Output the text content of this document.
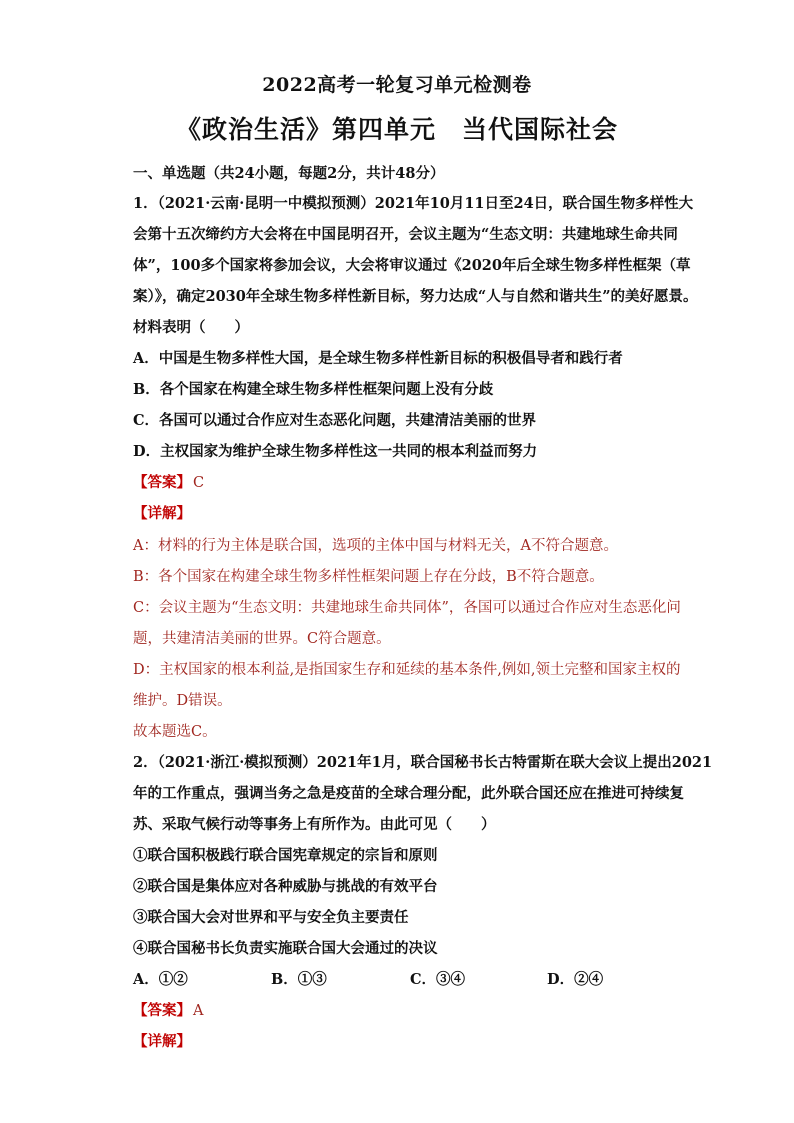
2022高考一轮复习单元检测卷
《政治生活》第四单元　当代国际社会
一、单选题（共24小题，每题2分，共计48分）
1．（2021·云南·昆明一中模拟预测）2021年10月11日至24日，联合国生物多样性大
会第十五次缔约方大会将在中国昆明召开，会议主题为“生态文明：共建地球生命共同
体”，100多个国家将参加会议，大会将审议通过《2020年后全球生物多样性框架（草
案）》，确定2030年全球生物多样性新目标，努力达成“人与自然和谐共生”的美好愿景。
材料表明（　　）
A．中国是生物多样性大国，是全球生物多样性新目标的积极倡导者和践行者
B．各个国家在构建全球生物多样性框架问题上没有分歧
C．各国可以通过合作应对生态恶化问题，共建清洁美丽的世界
D．主权国家为维护全球生物多样性这一共同的根本利益而努力
【答案】 C
【详解】
A：材料的行为主体是联合国，选项的主体中国与材料无关，A不符合题意。
B：各个国家在构建全球生物多样性框架问题上存在分歧，B不符合题意。
C：会议主题为“生态文明：共建地球生命共同体”，各国可以通过合作应对生态恶化问
题，共建清洁美丽的世界。C符合题意。
D：主权国家的根本利益,是指国家生存和延续的基本条件,例如,领土完整和国家主权的
维护。D错误。
故本题选C。
2．（2021·浙江·模拟预测）2021年1月，联合国秘书长古特雷斯在联大会议上提出2021
年的工作重点，强调当务之急是疫苗的全球合理分配，此外联合国还应在推进可持续复
苏、采取气候行动等事务上有所作为。由此可见（　　）
①联合国积极践行联合国宪章规定的宗旨和原则
②联合国是集体应对各种威胁与挑战的有效平台
③联合国大会对世界和平与安全负主要责任
④联合国秘书长负责实施联合国大会通过的决议
A．①②	B．①③	C．③④	D．②④
【答案】 A
【详解】
